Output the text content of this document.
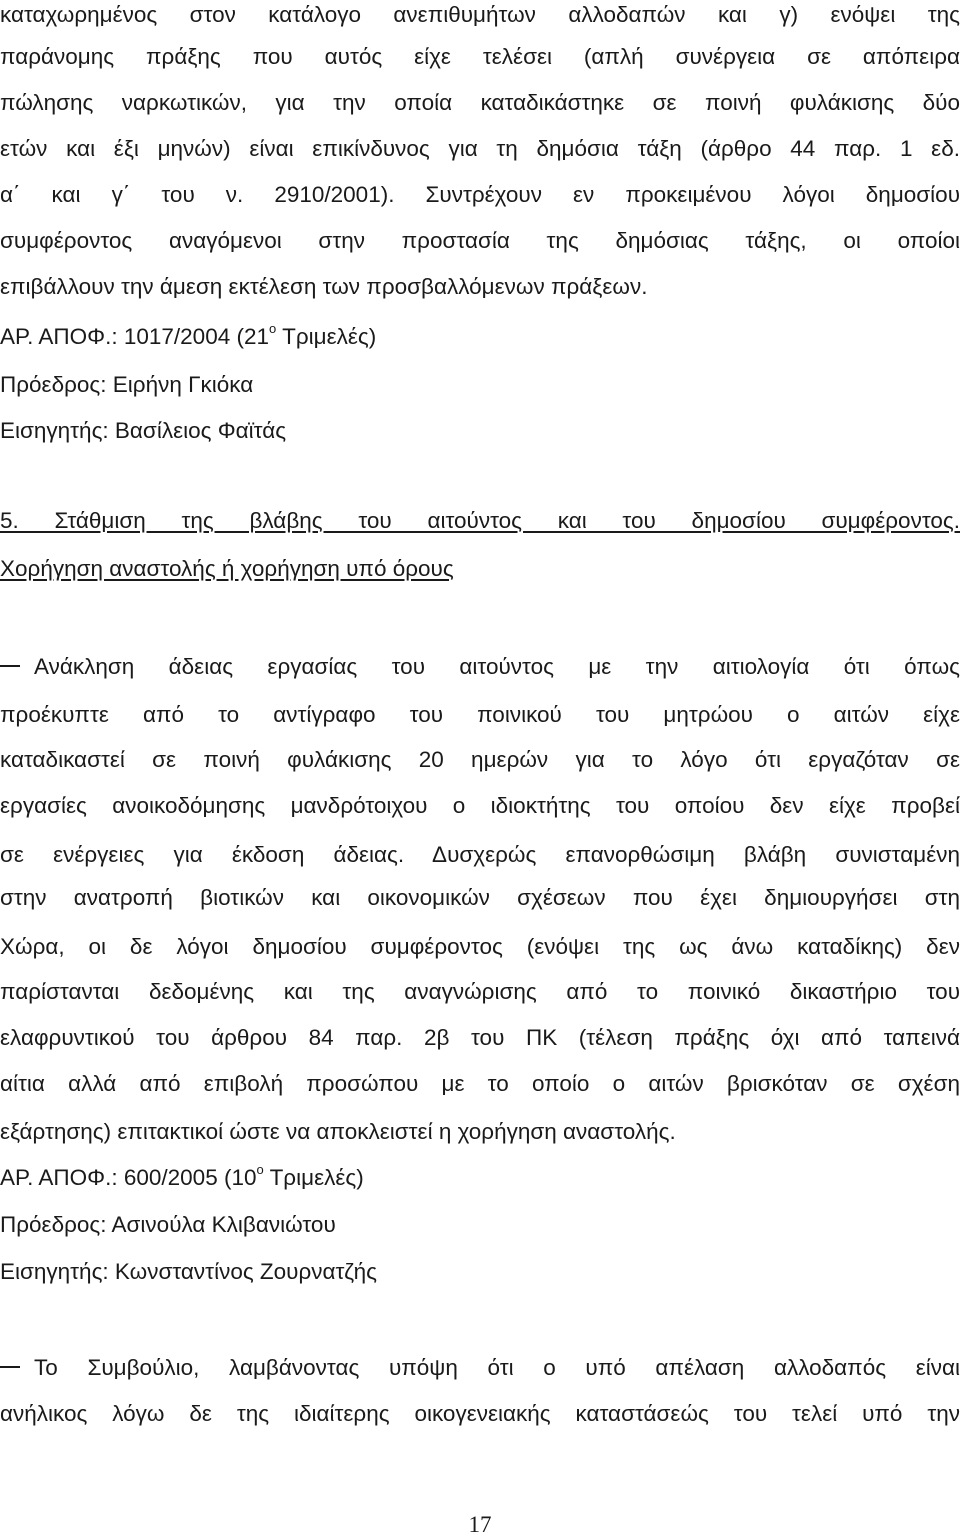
καταχωρημένος στον κατάλογο ανεπιθυμήτων αλλοδαπών και γ) ενόψει της
παράνομης πράξης που αυτός είχε τελέσει (απλή συνέργεια σε απόπειρα
πώλησης ναρκωτικών, για την οποία καταδικάστηκε σε ποινή φυλάκισης δύο
ετών και έξι μηνών) είναι επικίνδυνος για τη δημόσια τάξη (άρθρο 44 παρ. 1 εδ.
α΄ και γ΄ του ν. 2910/2001). Συντρέχουν εν προκειμένου λόγοι δημοσίου
συμφέροντος αναγόμενοι στην προστασία της δημόσιας τάξης, οι οποίοι
επιβάλλουν την άμεση εκτέλεση των προσβαλλόμενων πράξεων.
ΑΡ. ΑΠΟΦ.: 1017/2004 ($21^o$ Τριμελές)
Πρόεδρος: Ειρήνη Γκιόκα
Εισηγητής: Βασίλειος Φαϊτάς
5. Στάθμιση της βλάβης του αιτούντος και του δημοσίου συμφέροντος.
Χορήγηση αναστολής ή χορήγηση υπό όρους
Ανάκληση άδειας εργασίας του αιτούντος με την αιτιολογία ότι όπως
προέκυπτε από το αντίγραφο του ποινικού του μητρώου ο αιτών είχε
καταδικαστεί σε ποινή φυλάκισης 20 ημερών για το λόγο ότι εργαζόταν σε
εργασίες ανοικοδόμησης μανδρότοιχου ο ιδιοκτήτης του οποίου δεν είχε προβεί
σε ενέργειες για έκδοση άδειας. Δυσχερώς επανορθώσιμη βλάβη συνισταμένη
στην ανατροπή βιοτικών και οικονομικών σχέσεων που έχει δημιουργήσει στη
Χώρα, οι δε λόγοι δημοσίου συμφέροντος (ενόψει της ως άνω καταδίκης) δεν
παρίστανται δεδομένης και της αναγνώρισης από το ποινικό δικαστήριο του
ελαφρυντικού του άρθρου 84 παρ. 2β του ΠΚ (τέλεση πράξης όχι από ταπεινά
αίτια αλλά από επιβολή προσώπου με το οποίο ο αιτών βρισκόταν σε σχέση
εξάρτησης) επιτακτικοί ώστε να αποκλειστεί η χορήγηση αναστολής.
ΑΡ. ΑΠΟΦ.: 600/2005 ($10^o$ Τριμελές)
Πρόεδρος: Ασινούλα Κλιβανιώτου
Εισηγητής: Κωνσταντίνος Ζουρνατζής
Το Συμβούλιο, λαμβάνοντας υπόψη ότι ο υπό απέλαση αλλοδαπός είναι
ανήλικος λόγω δε της ιδιαίτερης οικογενειακής καταστάσεώς του τελεί υπό την
17
